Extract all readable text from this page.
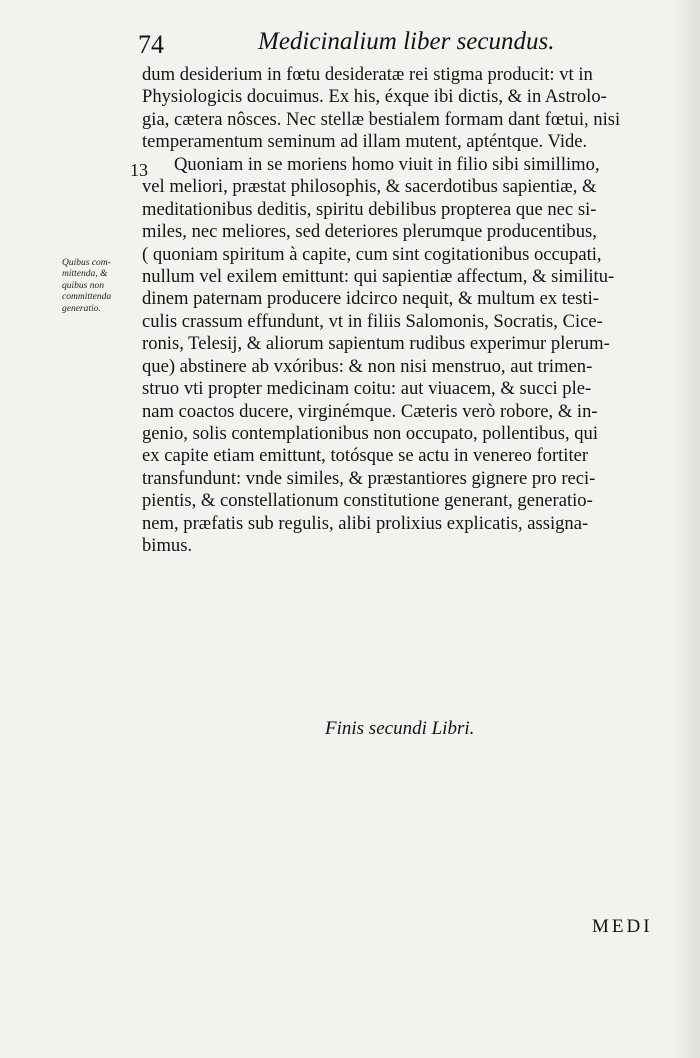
74	Medicinalium liber secundus.
13
Quibus com-
mittenda, &
quibus non
committenda
generatio.
dum desiderium in fœtu desideratæ rei stigma producit: vt in
Physiologicis docuimus. Ex his, éxque ibi dictis, & in Astrolo-
gia, cætera nôsces. Nec stellæ bestialem formam dant fœtui, nisi
temperamentum seminum ad illam mutent, apténtque. Vide.
Quoniam in se moriens homo viuit in filio sibi simillimo,
vel meliori, præstat philosophis, & sacerdotibus sapientiæ, &
meditationibus deditis, spiritu debilibus propterea que nec si-
miles, nec meliores, sed deteriores plerumque producentibus,
( quoniam spiritum à capite, cum sint cogitationibus occupati,
nullum vel exilem emittunt: qui sapientiæ affectum, & similitu-
dinem paternam producere idcirco nequit, & multum ex testi-
culis crassum effundunt, vt in filiis Salomonis, Socratis, Cice-
ronis, Telesij, & aliorum sapientum rudibus experimur plerum-
que) abstinere ab vxóribus: & non nisi menstruo, aut trimen-
struo vti propter medicinam coitu: aut viuacem, & succi ple-
nam coactos ducere, virginémque. Cæteris verò robore, & in-
genio, solis contemplationibus non occupato, pollentibus, qui
ex capite etiam emittunt, totósque se actu in venereo fortiter
transfundunt: vnde similes, & præstantiores gignere pro reci-
pientis, & constellationum constitutione generant, generatio-
nem, præfatis sub regulis, alibi prolixius explicatis, assigna-
bimus.
Finis secundi Libri.
MEDI
